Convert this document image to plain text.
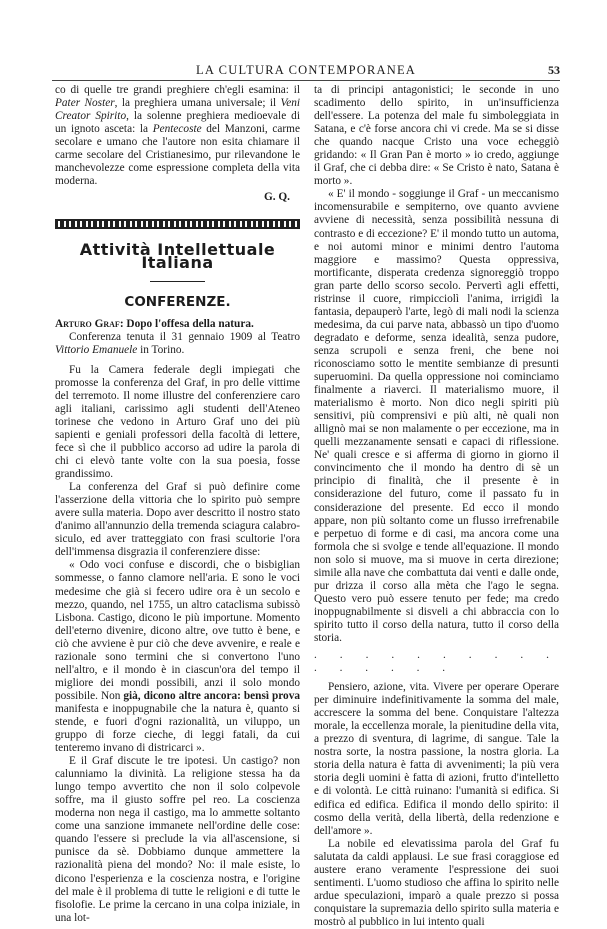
LA CULTURA CONTEMPORANEA	53

co di quelle tre grandi preghiere ch'egli esamina: il Pater Noster, la preghiera umana universale; il Veni Creator Spirito, la solenne preghiera medioevale di un ignoto asceta: la Pentecoste del Manzoni, carme secolare e umano che l'autore non esita chiamare il carme secolare del Cristianesimo, pur rilevandone le manchevolezze come espressione completa della vita moderna.

G. Q.

Attività Intellettuale Italiana
CONFERENZE.

Arturo Graf: Dopo l'offesa della natura.

Conferenza tenuta il 31 gennaio 1909 al Teatro Vittorio Emanuele in Torino.

Fu la Camera federale degli impiegati che promosse la conferenza del Graf, in pro delle vittime del terremoto. Il nome illustre del conferenziere caro agli italiani, carissimo agli studenti dell'Ateneo torinese che vedono in Arturo Graf uno dei più sapienti e geniali professori della facoltà di lettere, fece sì che il pubblico accorso ad udire la parola di chi ci elevò tante volte con la sua poesia, fosse grandissimo.

La conferenza del Graf si può definire come l'asserzione della vittoria che lo spirito può sempre avere sulla materia. Dopo aver descritto il nostro stato d'animo all'annunzio della tremenda sciagura calabro-siculo, ed aver tratteggiato con frasi scultorie l'ora dell'immensa disgrazia il conferenziere disse:

« Odo voci confuse e discordi, che o bisbiglian sommesse, o fanno clamore nell'aria. E sono le voci medesime che già si fecero udire ora è un secolo e mezzo, quando, nel 1755, un altro cataclisma subissò Lisbona. Castigo, dicono le più importune. Momento dell'eterno divenire, dicono altre, ove tutto è bene, e ciò che avviene è pur ciò che deve avvenire, e reale e razionale sono termini che si convertono l'uno nell'altro, e il mondo è in ciascun'ora del tempo il migliore dei mondi possibili, anzi il solo mondo possibile. Non già, dicono altre ancora: bensì prova manifesta e inoppugnabile che la natura è, quanto si stende, e fuori d'ogni razionalità, un viluppo, un gruppo di forze cieche, di leggi fatali, da cui tenteremo invano di districarci ».

E il Graf discute le tre ipotesi. Un castigo? non calunniamo la divinità. La religione stessa ha da lungo tempo avvertito che non il solo colpevole soffre, ma il giusto soffre pel reo. La coscienza moderna non nega il castigo, ma lo ammette soltanto come una sanzione immanete nell'ordine delle cose: quando l'essere si preclude la via all'ascensione, si punisce da sè. Dobbiamo dunque ammettere la razionalità piena del mondo? No: il male esiste, lo dicono l'esperienza e la coscienza nostra, e l'origine del male è il problema di tutte le religioni e di tutte le fisolofie. Le prime la cercano in una colpa iniziale, in una lot-

ta di principi antagonistici; le seconde in uno scadimento dello spirito, in un'insufficienza dell'essere. La potenza del male fu simboleggiata in Satana, e c'è forse ancora chi vi crede. Ma se si disse che quando nacque Cristo una voce echeggiò gridando: « Il Gran Pan è morto » io credo, aggiunge il Graf, che ci debba dire: « Se Cristo è nato, Satana è morto ».

« E' il mondo - soggiunge il Graf - un meccanismo incomensurabile e sempiterno, ove quanto avviene avviene di necessità, senza possibilità nessuna di contrasto e di eccezione? E' il mondo tutto un automa, e noi automi minor e minimi dentro l'automa maggiore e massimo? Questa oppressiva, mortificante, disperata credenza signoreggiò troppo gran parte dello scorso secolo. Pervertì agli effetti, ristrinse il cuore, rimpicciolì l'anima, irrigidì la fantasia, depauperò l'arte, legò di mali nodi la scienza medesima, da cui parve nata, abbassò un tipo d'uomo degradato e deforme, senza idealità, senza pudore, senza scrupoli e senza freni, che bene noi riconosciamo sotto le mentite sembianze di presunti superuomini. Da quella oppressione noi cominciamo finalmente a riaverci. Il materialismo muore, il materialismo è morto. Non dico negli spiriti più sensitivi, più comprensivi e più alti, nè quali non allignò mai se non malamente o per eccezione, ma in quelli mezzanamente sensati e capaci di riflessione. Ne' quali cresce e si afferma di giorno in giorno il convincimento che il mondo ha dentro di sè un principio di finalità, che il presente è in considerazione del futuro, come il passato fu in considerazione del presente. Ed ecco il mondo appare, non più soltanto come un flusso irrefrenabile e perpetuo di forme e di casi, ma ancora come una formola che si svolge e tende all'equazione. Il mondo non solo si muove, ma si muove in certa direzione; simile alla nave che combattuta dai venti e dalle onde, pur drizza il corso alla mèta che l'ago le segna. Questo vero può essere tenuto per fede; ma credo inoppugnabilmente si disveli a chi abbraccia con lo spirito tutto il corso della natura, tutto il corso della storia.

. . . . . . . . . . . . . . . .

Pensiero, azione, vita. Vivere per operare Operare per diminuire indefinitivamente la somma del male, accrescere la somma del bene. Conquistare l'altezza morale, la eccellenza morale, la pienitudine della vita, a prezzo di sventura, di lagrime, di sangue. Tale la nostra sorte, la nostra passione, la nostra gloria. La storia della natura è fatta di avvenimenti; la più vera storia degli uomini è fatta di azioni, frutto d'intelletto e di volontà. Le città ruinano: l'umanità si edifica. Si edifica ed edifica. Edifica il mondo dello spirito: il cosmo della verità, della libertà, della redenzione e dell'amore ».

La nobile ed elevatissima parola del Graf fu salutata da caldi applausi. Le sue frasi coraggiose ed austere erano veramente l'espressione dei suoi sentimenti. L'uomo studioso che affina lo spirito nelle ardue speculazioni, imparò a quale prezzo si possa conquistare la supremazia dello spirito sulla materia e mostrò al pubblico in lui intento quali
